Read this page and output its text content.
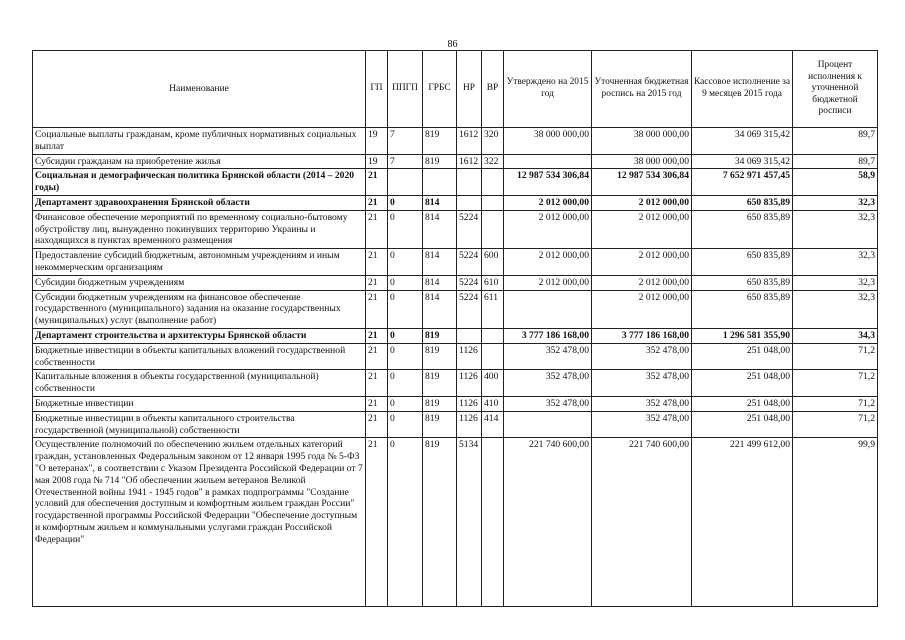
86
Наименование	ГП	ППГП	ГРБС	НР	ВР	Утверждено на 2015 год	Уточненная бюджетная роспись на 2015 год	Кассовое исполнение за 9 месяцев 2015 года	Процент исполнения к уточненной бюджетной росписи
Социальные выплаты гражданам, кроме публичных нормативных социальных выплат	19	7	819	1612	320	38 000 000,00	38 000 000,00	34 069 315,42	89,7
Субсидии гражданам на приобретение жилья	19	7	819	1612	322		38 000 000,00	34 069 315,42	89,7
Социальная и демографическая политика Брянской области (2014 – 2020 годы)	21					12 987 534 306,84	12 987 534 306,84	7 652 971 457,45	58,9
Департамент здравоохранения Брянской области	21	0	814			2 012 000,00	2 012 000,00	650 835,89	32,3
Финансовое обеспечение мероприятий по временному социально-бытовому обустройству лиц, вынужденно покинувших территорию Украины и находящихся в пунктах временного размещения	21	0	814	5224		2 012 000,00	2 012 000,00	650 835,89	32,3
Предоставление субсидий бюджетным, автономным учреждениям и иным некоммерческим организациям	21	0	814	5224	600	2 012 000,00	2 012 000,00	650 835,89	32,3
Субсидии бюджетным учреждениям	21	0	814	5224	610	2 012 000,00	2 012 000,00	650 835,89	32,3
Субсидии бюджетным учреждениям на финансовое обеспечение государственного (муниципального) задания на оказание государственных (муниципальных) услуг (выполнение работ)	21	0	814	5224	611		2 012 000,00	650 835,89	32,3
Департамент строительства и архитектуры Брянской области	21	0	819			3 777 186 168,00	3 777 186 168,00	1 296 581 355,90	34,3
Бюджетные инвестиции в объекты капитальных вложений государственной собственности	21	0	819	1126		352 478,00	352 478,00	251 048,00	71,2
Капитальные вложения в объекты государственной (муниципальной) собственности	21	0	819	1126	400	352 478,00	352 478,00	251 048,00	71,2
Бюджетные инвестиции	21	0	819	1126	410	352 478,00	352 478,00	251 048,00	71,2
Бюджетные инвестиции в объекты капитального строительства государственной (муниципальной) собственности	21	0	819	1126	414		352 478,00	251 048,00	71,2
Осуществление полномочий по обеспечению жильем отдельных категорий граждан, установленных Федеральным законом от 12 января 1995 года № 5-ФЗ "О ветеранах", в соответствии с Указом Президента Российской Федерации от 7 мая 2008 года № 714 "Об обеспечении жильем ветеранов Великой Отечественной войны 1941 - 1945 годов" в рамках подпрограммы "Создание условий для обеспечения доступным и комфортным жильем граждан России" государственной программы Российской Федерации "Обеспечение доступным и комфортным жильем и коммунальными услугами граждан Российской Федерации"	21	0	819	5134		221 740 600,00	221 740 600,00	221 499 612,00	99,9
